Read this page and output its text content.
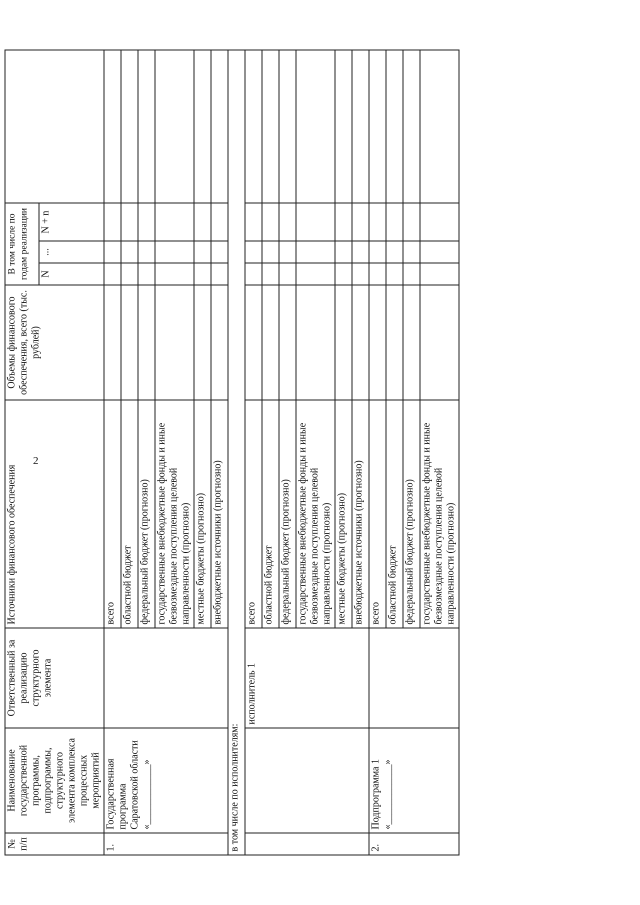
2
№ п/п	Наименование государственной программы, подпрограммы, структурного элемента комплекса процессных мероприятий	Ответственный за реализацию структурного элемента	Источники финансового обеспечения	Объемы финансового обеспечения, всего (тыс. рублей)	В том числе по годам реализации			
					N	...	N + n	
1.	Государственная программа Саратовской области «____________»		всего					
			областной бюджет					
			федеральный бюджет (прогнозно)					
			государственные внебюджетные фонды и иные безвозмездные поступления целевой направленности (прогнозно)					
			местные бюджеты (прогнозно)					
			внебюджетные источники (прогнозно)					
в том числе по исполнителям:								
		исполнитель 1	всего					
			областной бюджет					
			федеральный бюджет (прогнозно)					
			государственные внебюджетные фонды и иные безвозмездные поступления целевой направленности (прогнозно)					
			местные бюджеты (прогнозно)					
			внебюджетные источники (прогнозно)					
2.	Подпрограмма 1 «____________»		всего					
			областной бюджет					
			федеральный бюджет (прогнозно)					
			государственные внебюджетные фонды и иные безвозмездные поступления целевой направленности (прогнозно)					
